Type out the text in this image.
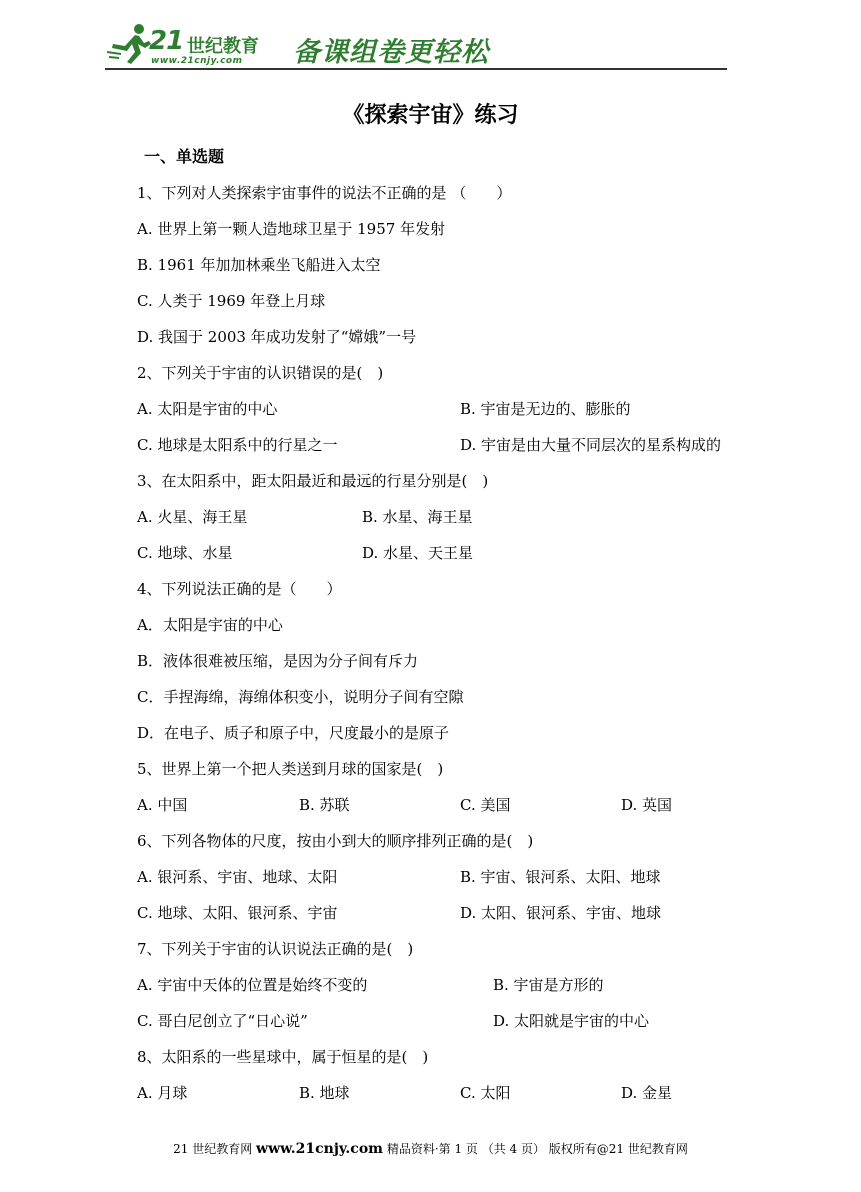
21 世纪教育
www.21cnjy.com 备课组卷更轻松
《探索宇宙》练习
一、单选题
1、下列对人类探索宇宙事件的说法不正确的是 （　　）
A. 世界上第一颗人造地球卫星于 1957 年发射
B. 1961 年加加林乘坐飞船进入太空
C. 人类于 1969 年登上月球
D. 我国于 2003 年成功发射了“嫦娥”一号
2、下列关于宇宙的认识错误的是(　)
A. 太阳是宇宙的中心	B. 宇宙是无边的、膨胀的
C. 地球是太阳系中的行星之一	D. 宇宙是由大量不同层次的星系构成的
3、在太阳系中，距太阳最近和最远的行星分别是(　)
A. 火星、海王星	B. 水星、海王星
C. 地球、水星	D. 水星、天王星
4、下列说法正确的是（　　）
A．太阳是宇宙的中心
B．液体很难被压缩，是因为分子间有斥力
C．手捏海绵，海绵体积变小，说明分子间有空隙
D．在电子、质子和原子中，尺度最小的是原子
5、世界上第一个把人类送到月球的国家是(　)
A. 中国	B. 苏联	C. 美国	D. 英国
6、下列各物体的尺度，按由小到大的顺序排列正确的是(　)
A. 银河系、宇宙、地球、太阳	B. 宇宙、银河系、太阳、地球
C. 地球、太阳、银河系、宇宙	D. 太阳、银河系、宇宙、地球
7、下列关于宇宙的认识说法正确的是(　)
A. 宇宙中天体的位置是始终不变的	B. 宇宙是方形的
C. 哥白尼创立了“日心说”	D. 太阳就是宇宙的中心
8、太阳系的一些星球中，属于恒星的是(　)
A. 月球	B. 地球	C. 太阳	D. 金星
21 世纪教育网 www.21cnjy.com 精品资料·第 1 页 （共 4 页） 版权所有@21 世纪教育网
